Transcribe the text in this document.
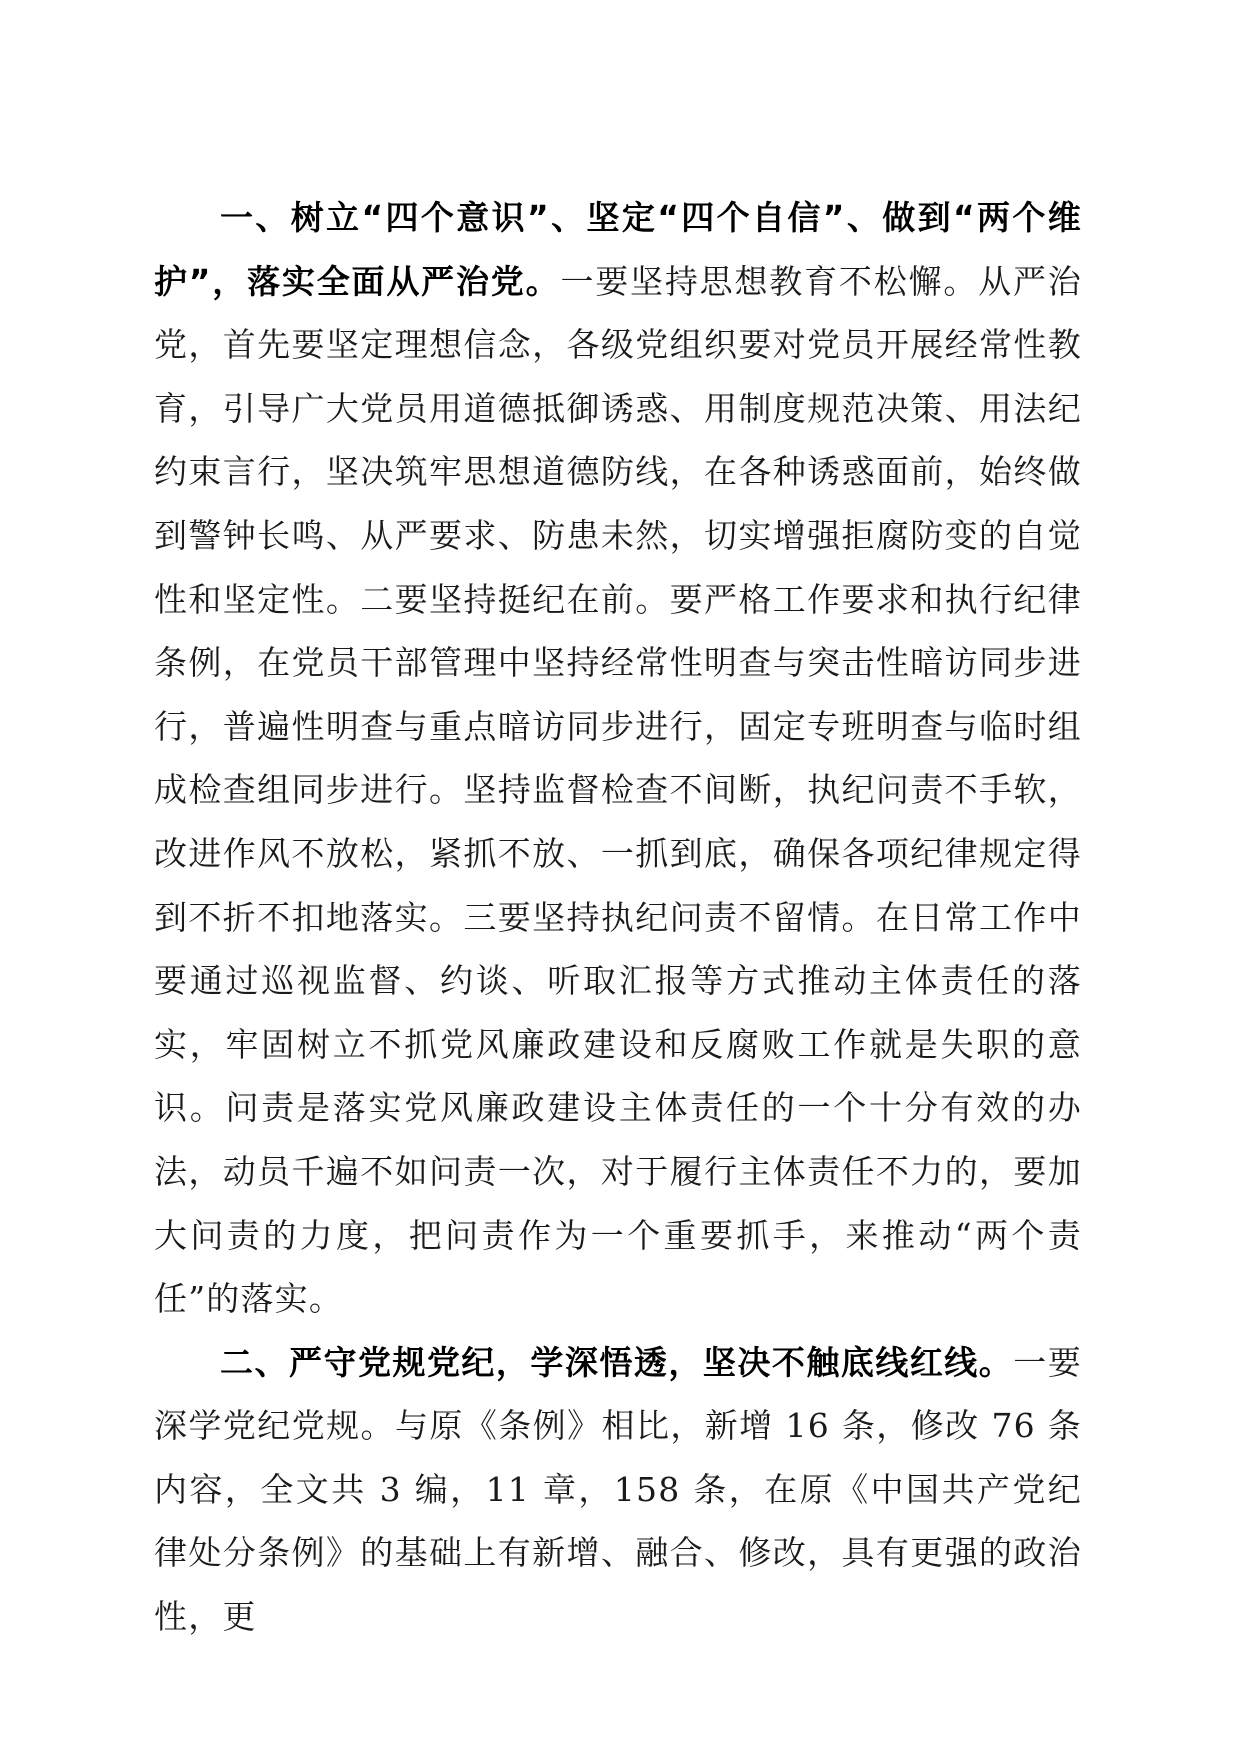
一、树立“四个意识”、坚定“四个自信”、做到“两个维护”，落实全面从严治党。一要坚持思想教育不松懈。从严治党，首先要坚定理想信念，各级党组织要对党员开展经常性教育，引导广大党员用道德抵御诱惑、用制度规范决策、用法纪约束言行，坚决筑牢思想道德防线，在各种诱惑面前，始终做到警钟长鸣、从严要求、防患未然，切实增强拒腐防变的自觉性和坚定性。二要坚持挺纪在前。要严格工作要求和执行纪律条例，在党员干部管理中坚持经常性明查与突击性暗访同步进行，普遍性明查与重点暗访同步进行，固定专班明查与临时组成检查组同步进行。坚持监督检查不间断，执纪问责不手软，改进作风不放松，紧抓不放、一抓到底，确保各项纪律规定得到不折不扣地落实。三要坚持执纪问责不留情。在日常工作中要通过巡视监督、约谈、听取汇报等方式推动主体责任的落实，牢固树立不抓党风廉政建设和反腐败工作就是失职的意识。问责是落实党风廉政建设主体责任的一个十分有效的办法，动员千遍不如问责一次，对于履行主体责任不力的，要加大问责的力度，把问责作为一个重要抓手，来推动“两个责任”的落实。

二、严守党规党纪，学深悟透，坚决不触底线红线。一要深学党纪党规。与原《条例》相比，新增 16 条，修改 76 条内容，全文共 3 编，11 章，158 条，在原《中国共产党纪律处分条例》的基础上有新增、融合、修改，具有更强的政治性，更
